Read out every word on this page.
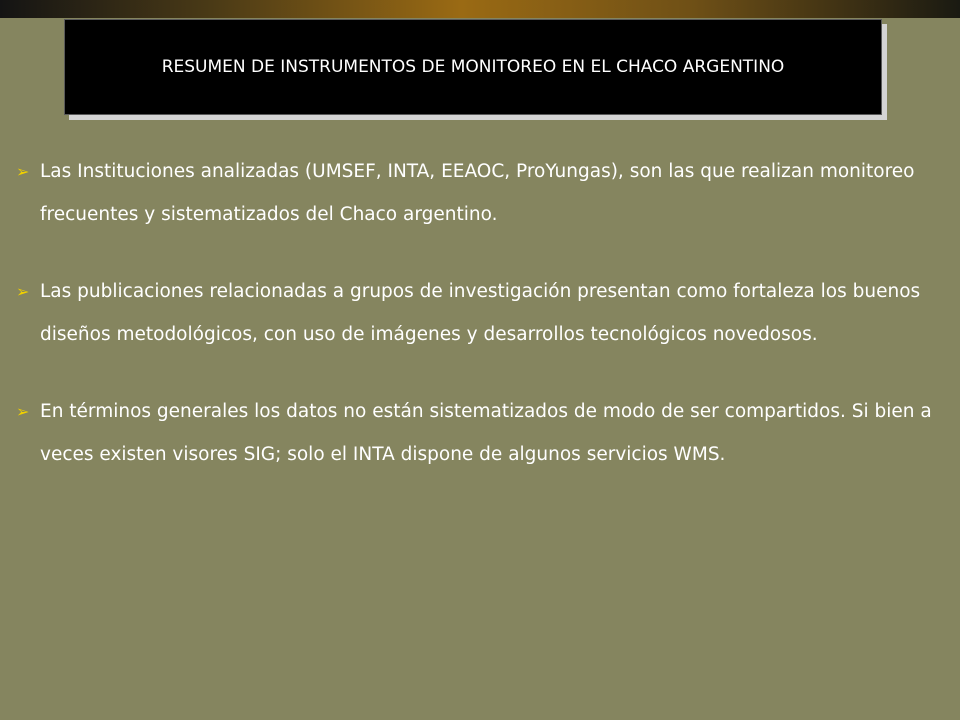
RESUMEN DE INSTRUMENTOS DE MONITOREO EN EL CHACO ARGENTINO
➢ Las Instituciones analizadas (UMSEF, INTA, EEAOC, ProYungas), son las que realizan monitoreo frecuentes y sistematizados del Chaco argentino.

➢ Las publicaciones relacionadas a grupos de investigación presentan como fortaleza los buenos diseños metodológicos, con uso de imágenes y desarrollos tecnológicos novedosos.

➢ En términos generales los datos no están sistematizados de modo de ser compartidos. Si bien a veces existen visores SIG; solo el INTA dispone de algunos servicios WMS.
